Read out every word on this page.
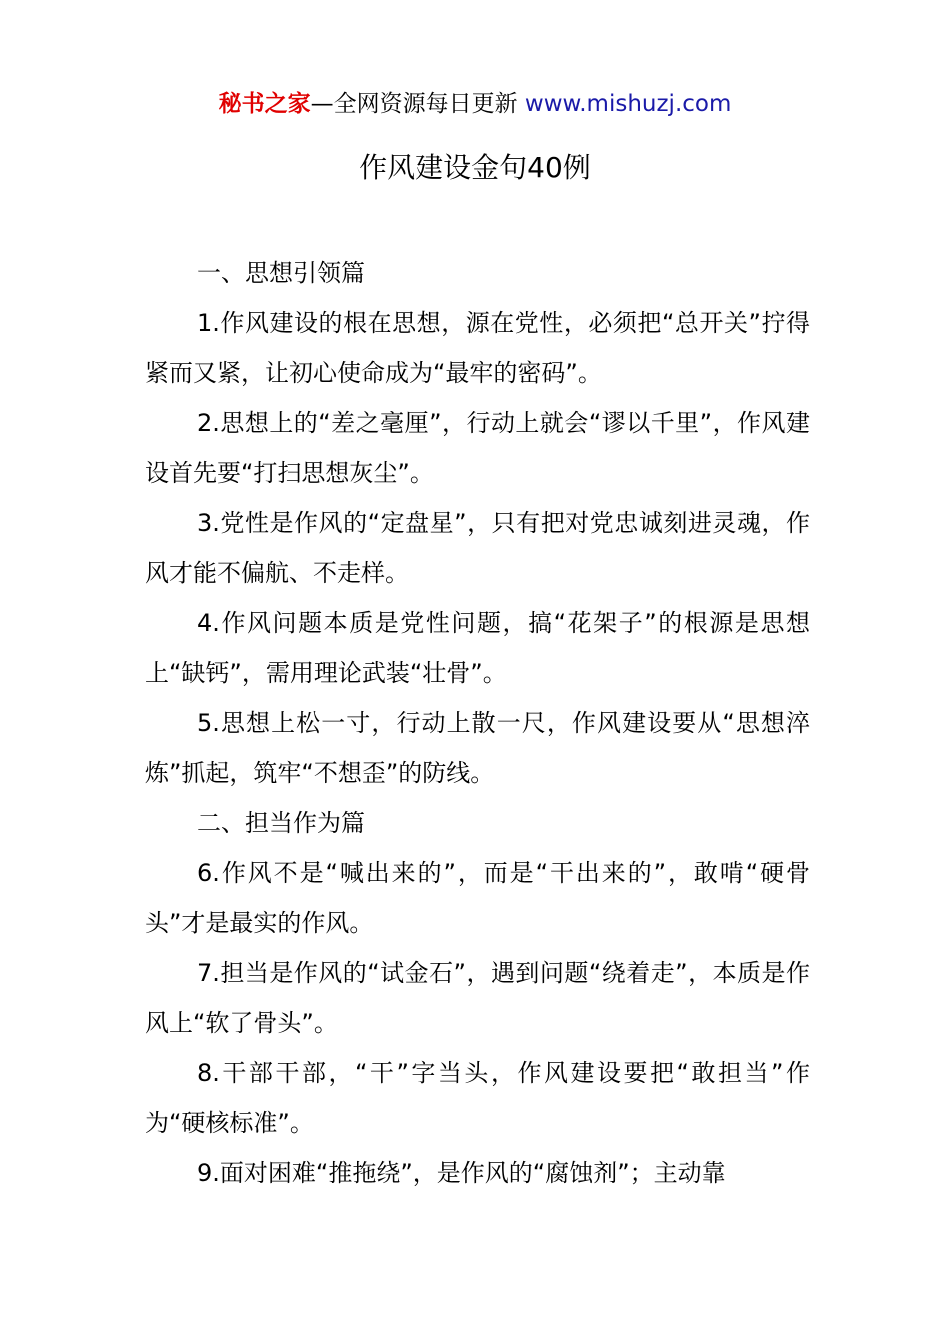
秘书之家—全网资源每日更新 www.mishuzj.com
作风建设金句40例

一、思想引领篇

1.作风建设的根在思想，源在党性，必须把“总开关”拧得紧而又紧，让初心使命成为“最牢的密码”。

2.思想上的“差之毫厘”，行动上就会“谬以千里”，作风建设首先要“打扫思想灰尘”。

3.党性是作风的“定盘星”，只有把对党忠诚刻进灵魂，作风才能不偏航、不走样。

4.作风问题本质是党性问题，搞“花架子”的根源是思想上“缺钙”，需用理论武装“壮骨”。

5.思想上松一寸，行动上散一尺，作风建设要从“思想淬炼”抓起，筑牢“不想歪”的防线。

二、担当作为篇

6.作风不是“喊出来的”，而是“干出来的”，敢啃“硬骨头”才是最实的作风。

7.担当是作风的“试金石”，遇到问题“绕着走”，本质是作风上“软了骨头”。

8.干部干部，“干”字当头，作风建设要把“敢担当”作为“硬核标准”。

9.面对困难“推拖绕”，是作风的“腐蚀剂”；主动靠
